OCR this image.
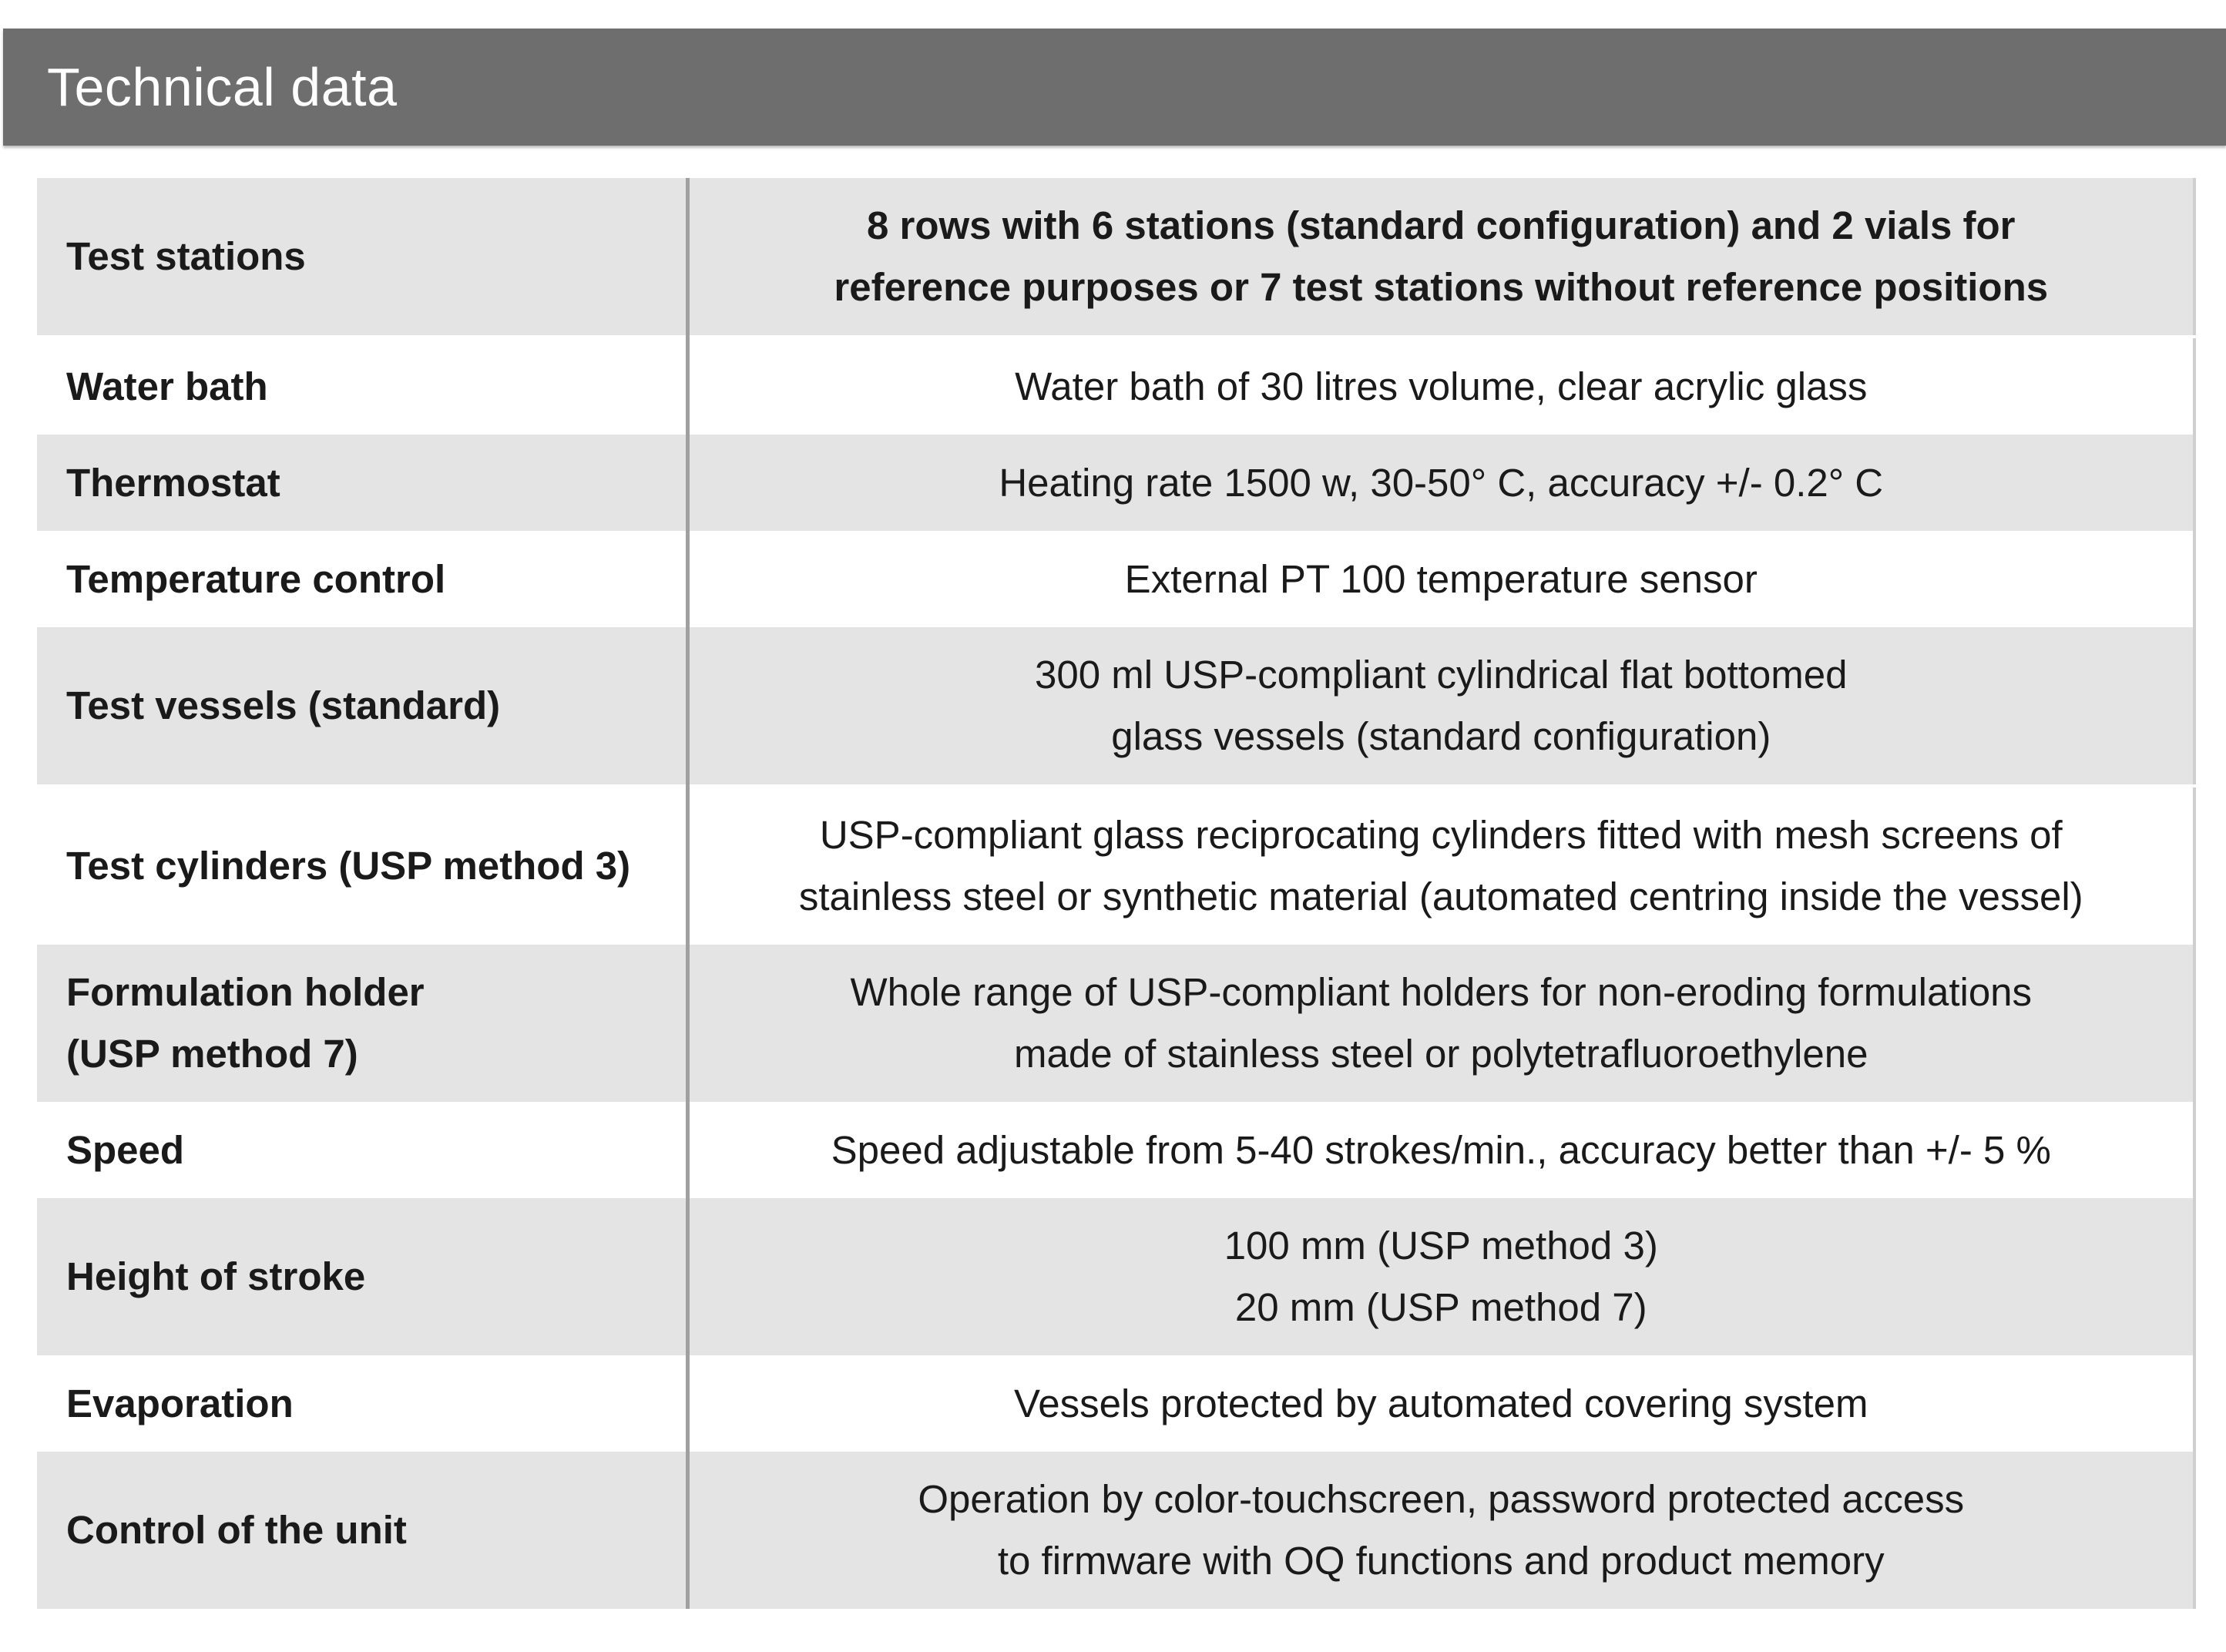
Technical data
Test stations	8 rows with 6 stations (standard configuration) and 2 vials for
reference purposes or 7 test stations without reference positions

Water bath	Water bath of 30 litres volume, clear acrylic glass

Thermostat	Heating rate 1500 w, 30-50° C, accuracy +/- 0.2° C

Temperature control	External PT 100 temperature sensor

Test vessels (standard)	300 ml USP-compliant cylindrical flat bottomed
glass vessels (standard configuration)

Test cylinders (USP method 3)	USP-compliant glass reciprocating cylinders fitted with mesh screens of
stainless steel or synthetic material (automated centring inside the vessel)

Formulation holder
(USP method 7)	Whole range of USP-compliant holders for non-eroding formulations
made of stainless steel or polytetrafluoroethylene

Speed	Speed adjustable from 5-40 strokes/min., accuracy better than +/- 5 %

Height of stroke	100 mm (USP method 3)
20 mm (USP method 7)

Evaporation	Vessels protected by automated covering system

Control of the unit	Operation by color-touchscreen, password protected access
to firmware with OQ functions and product memory
